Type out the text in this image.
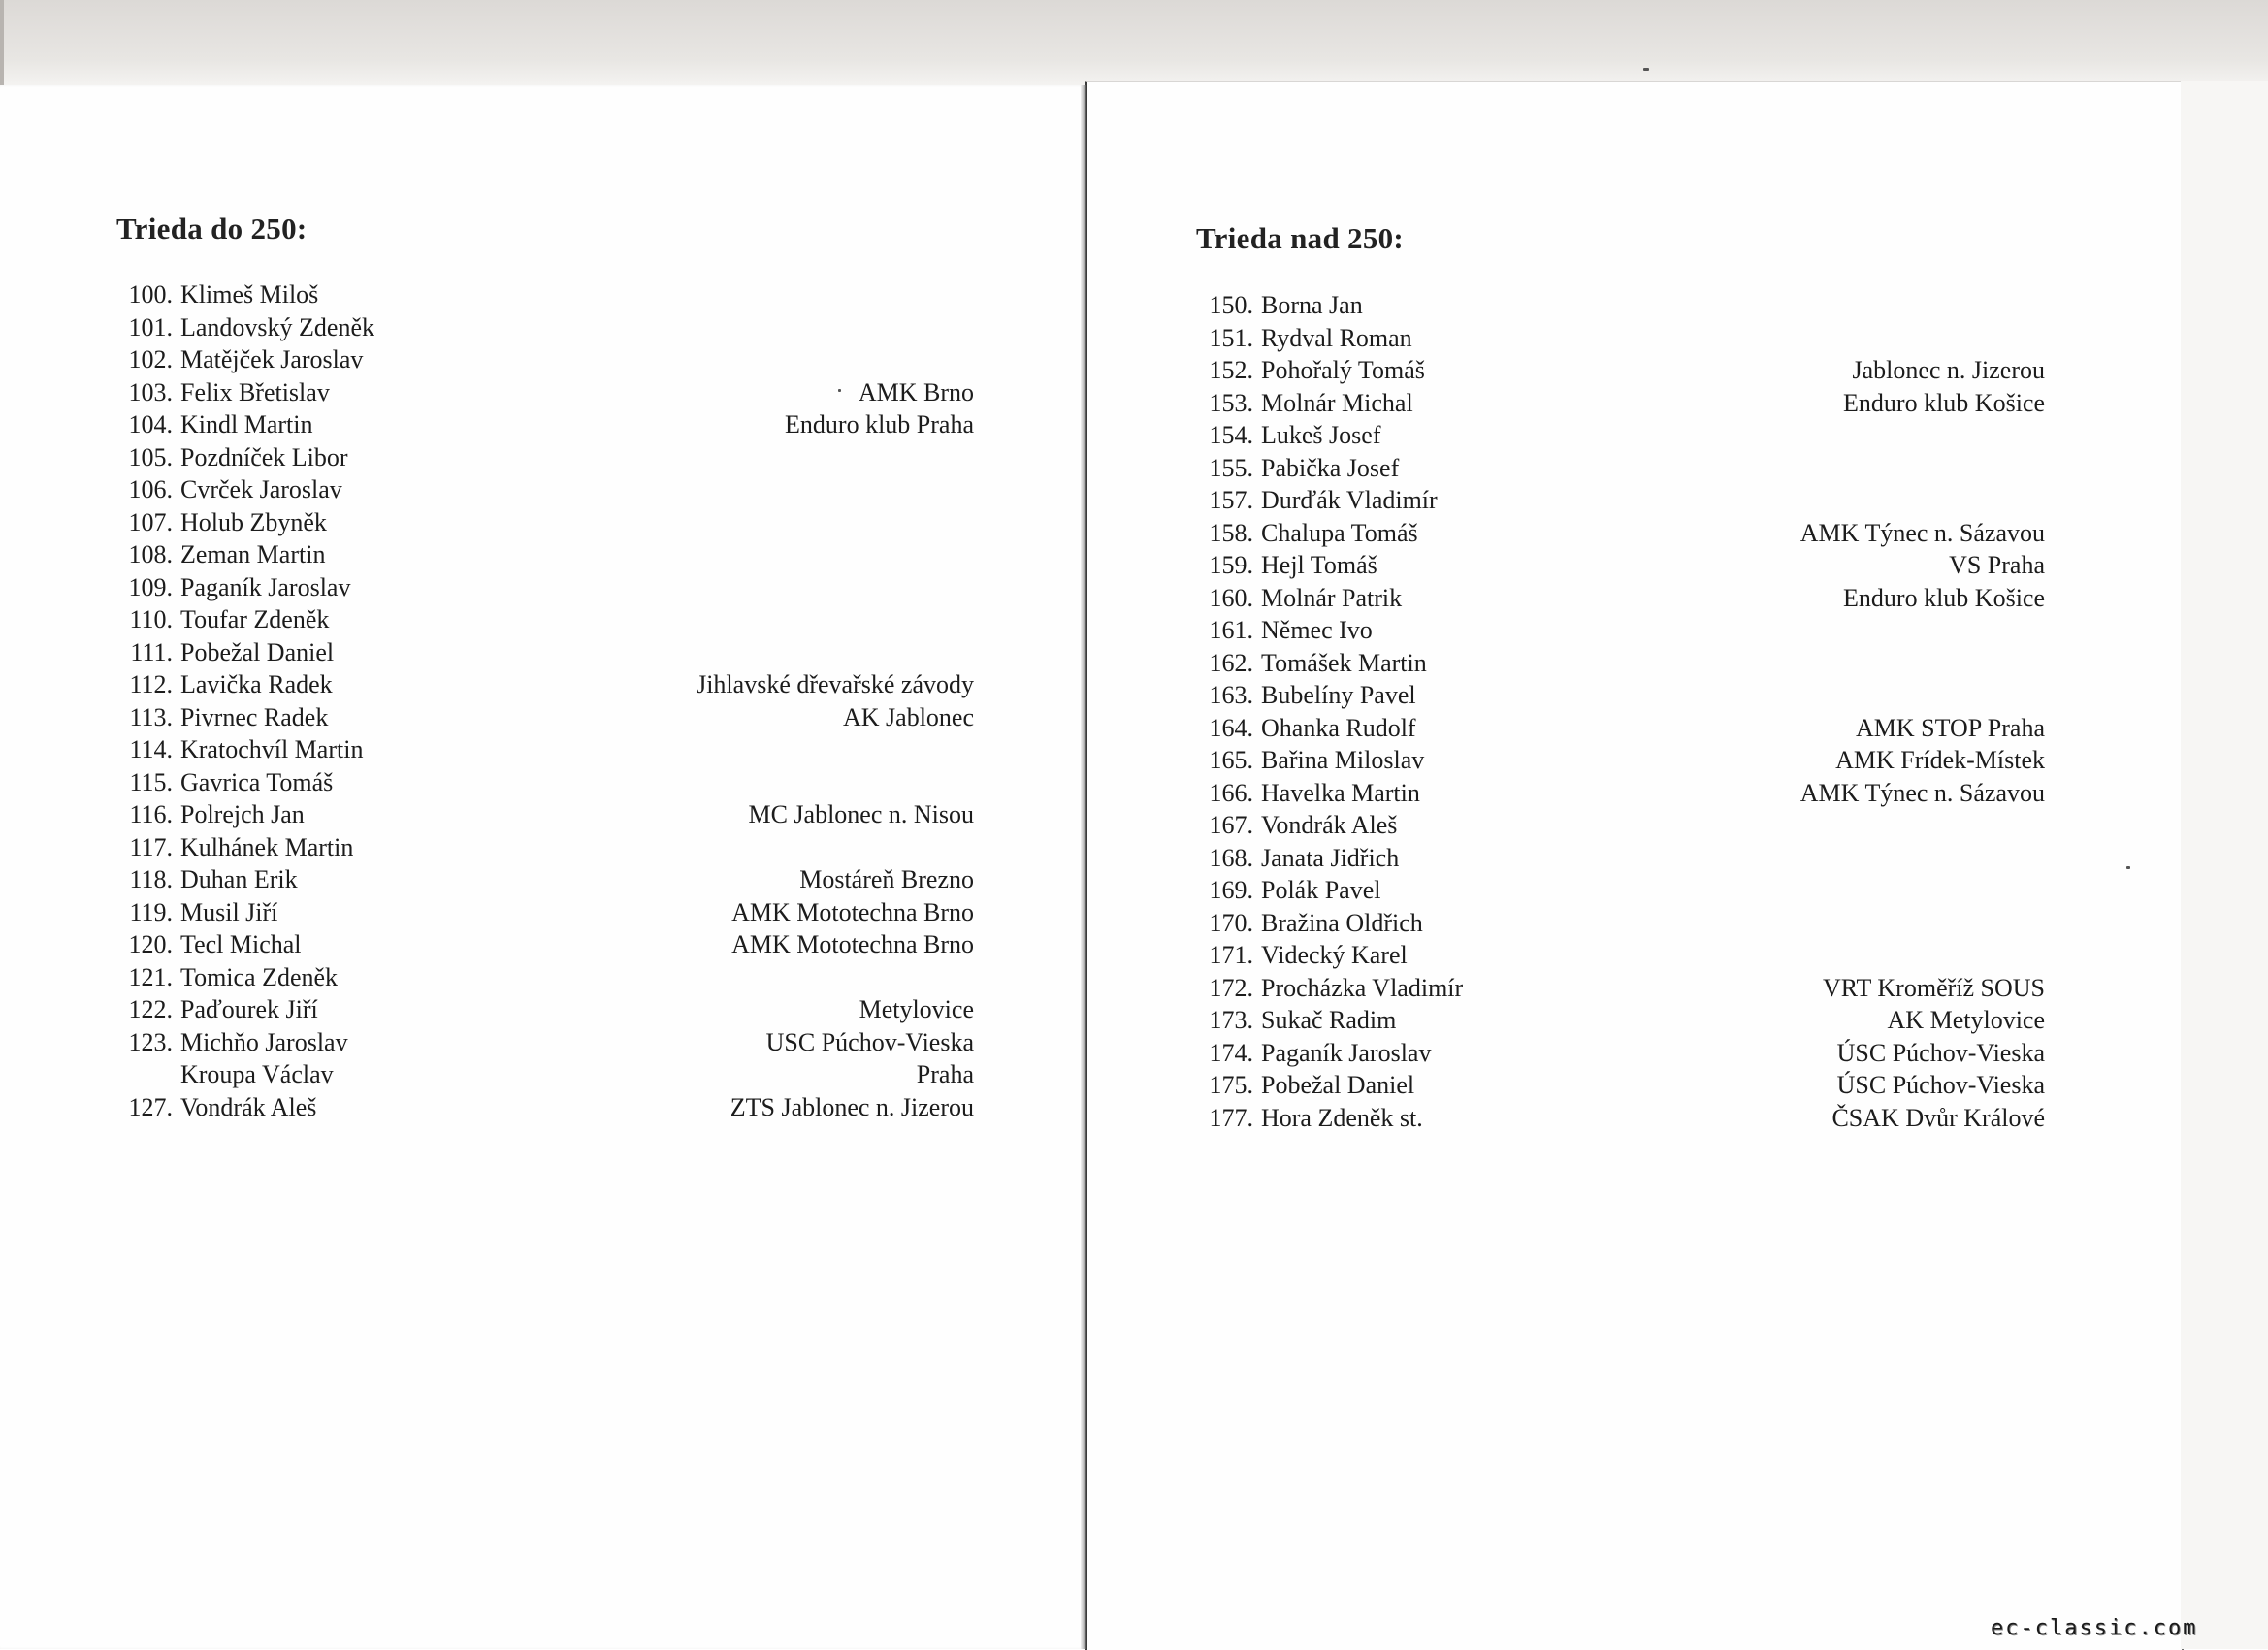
Trieda do 250:
100. Klimeš Miloš
101. Landovský Zdeněk
102. Matějček Jaroslav
103. Felix Břetislav	AMK Brno
104. Kindl Martin	Enduro klub Praha
105. Pozdníček Libor
106. Cvrček Jaroslav
107. Holub Zbyněk
108. Zeman Martin
109. Paganík Jaroslav
110. Toufar Zdeněk
111. Pobežal Daniel
112. Lavička Radek	Jihlavské dřevařské závody
113. Pivrnec Radek	AK Jablonec
114. Kratochvíl Martin
115. Gavrica Tomáš
116. Polrejch Jan	MC Jablonec n. Nisou
117. Kulhánek Martin
118. Duhan Erik	Mostáreň Brezno
119. Musil Jiří	AMK Mototechna Brno
120. Tecl Michal	AMK Mototechna Brno
121. Tomica Zdeněk
122. Paďourek Jiří	Metylovice
123. Michňo Jaroslav	USC Púchov-Vieska
Kroupa Václav	Praha
127. Vondrák Aleš	ZTS Jablonec n. Jizerou
Trieda nad 250:
150. Borna Jan
151. Rydval Roman
152. Pohořalý Tomáš	Jablonec n. Jizerou
153. Molnár Michal	Enduro klub Košice
154. Lukeš Josef
155. Pabička Josef
157. Durďák Vladimír
158. Chalupa Tomáš	AMK Týnec n. Sázavou
159. Hejl Tomáš	VS Praha
160. Molnár Patrik	Enduro klub Košice
161. Němec Ivo
162. Tomášek Martin
163. Bubelíny Pavel
164. Ohanka Rudolf	AMK STOP Praha
165. Bařina Miloslav	AMK Frídek-Místek
166. Havelka Martin	AMK Týnec n. Sázavou
167. Vondrák Aleš
168. Janata Jidřich
169. Polák Pavel
170. Bražina Oldřich
171. Videcký Karel
172. Procházka Vladimír	VRT Kroměříž SOUS
173. Sukač Radim	AK Metylovice
174. Paganík Jaroslav	ÚSC Púchov-Vieska
175. Pobežal Daniel	ÚSC Púchov-Vieska
177. Hora Zdeněk st.	ČSAK Dvůr Králové
ec-classic.com
